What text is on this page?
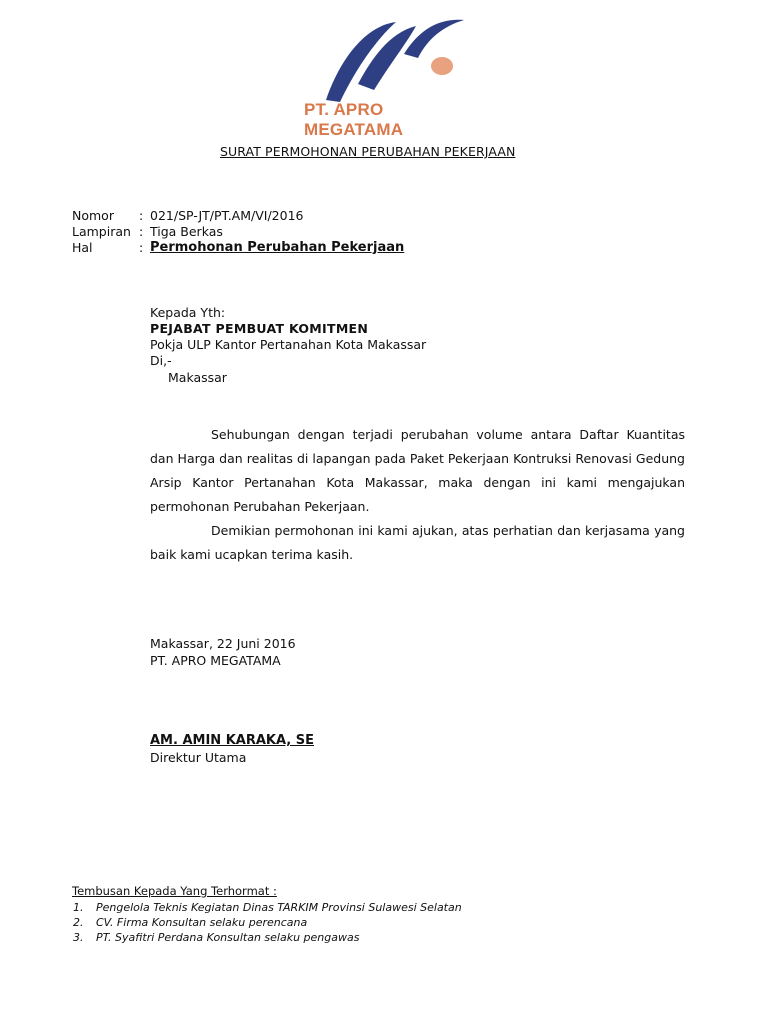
PT. APRO MEGATAMA
SURAT PERMOHONAN PERUBAHAN PEKERJAAN
Nomor : 021/SP-JT/PT.AM/VI/2016
Lampiran : Tiga Berkas
Hal	: Permohonan Perubahan Pekerjaan
Kepada Yth:
PEJABAT PEMBUAT KOMITMEN
Pokja ULP Kantor Pertanahan Kota Makassar
Di,-
Makassar
Sehubungan dengan terjadi perubahan volume antara Daftar Kuantitas dan Harga dan realitas di lapangan pada Paket Pekerjaan Kontruksi Renovasi Gedung Arsip Kantor Pertanahan Kota Makassar, maka dengan ini kami mengajukan permohonan Perubahan Pekerjaan.
Demikian permohonan ini kami ajukan, atas perhatian dan kerjasama yang baik kami ucapkan terima kasih.
Makassar, 22 Juni 2016
PT. APRO MEGATAMA
AM. AMIN KARAKA, SE
Direktur Utama
Tembusan Kepada Yang Terhormat :
1. Pengelola Teknis Kegiatan Dinas TARKIM Provinsi Sulawesi Selatan
2. CV. Firma Konsultan selaku perencana
3. PT. Syafitri Perdana Konsultan selaku pengawas
